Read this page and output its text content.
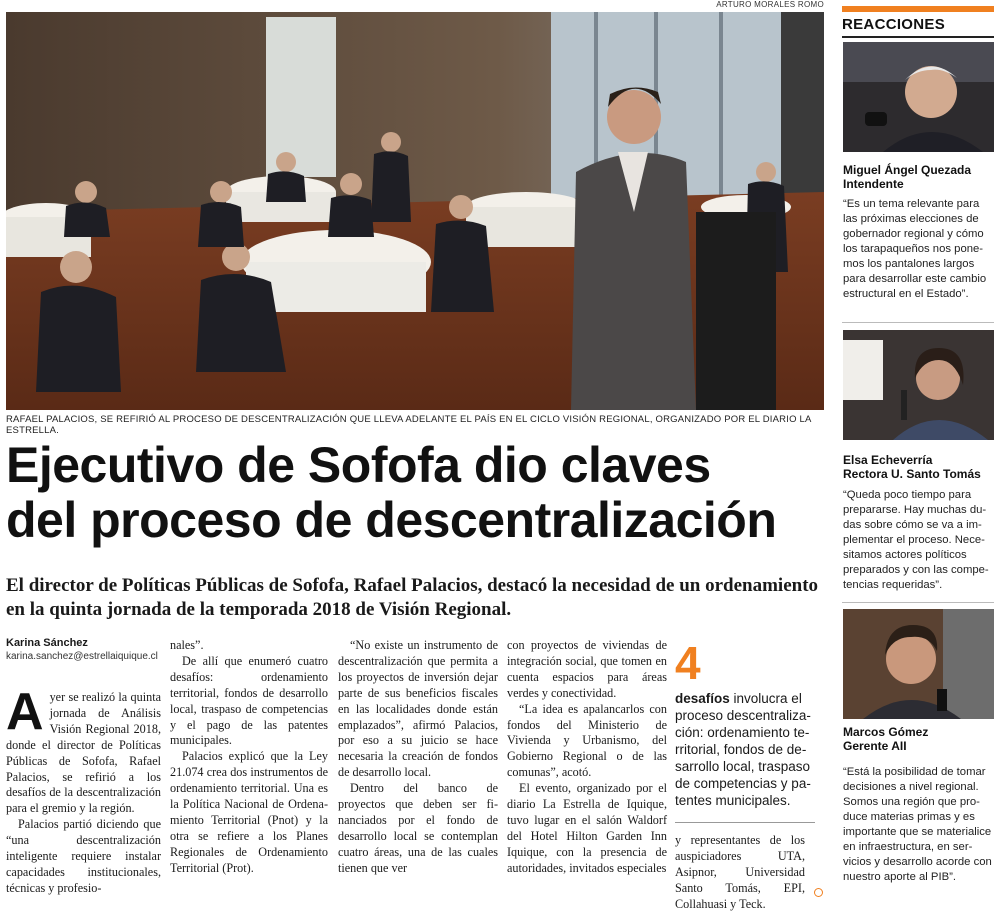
ARTURO MORALES ROMO
RAFAEL PALACIOS, SE REFIRIÓ AL PROCESO DE DESCENTRALIZACIÓN QUE LLEVA ADELANTE EL PAÍS EN EL CICLO VISIÓN REGIONAL, ORGANIZADO POR EL DIARIO LA ESTRELLA.
Ejecutivo de Sofofa dio claves
del proceso de descentralización
El director de Políticas Públicas de Sofofa, Rafael Palacios, destacó la necesidad de un ordenamiento en la quinta jornada de la temporada 2018 de Visión Regional.
Karina Sánchez
karina.sanchez@estrellaiquique.cl

Ayer se realizó la quinta jornada de Análisis Visión Regional 2018, donde el director de Políticas Públicas de Sofofa, Rafael Palacios, se refirió a los desafíos de la descentralización para el gremio y la región.

Palacios partió diciendo que “una descentralización inteligente requiere instalar capacidades institucionales, técnicas y profesio-

nales”.

De allí que enumeró cuatro desafíos: ordenamiento territorial, fondos de desarrollo local, traspaso de competencias y el pago de las patentes municipales.

Palacios explicó que la Ley 21.074 crea dos instrumentos de ordenamiento territorial. Una es la Política Nacional de Ordenamiento Territorial (Pnot) y la otra se refiere a los Planes Regionales de Ordenamiento Territorial (Prot).

“No existe un instrumento de descentralización que permita a los proyectos de inversión dejar parte de sus beneficios fiscales en las localidades donde están emplazados”, afirmó Palacios, por eso a su juicio se hace necesaria la creación de fondos de desarrollo local.

Dentro del banco de proyectos que deben ser financiados por el fondo de desarrollo local se contemplan cuatro áreas, una de las cuales tienen que ver

con proyectos de viviendas de integración social, que tomen en cuenta espacios para áreas verdes y conectividad.

“La idea es apalancarlos con fondos del Ministerio de Vivienda y Urbanismo, del Gobierno Regional o de las comunas”, acotó.

El evento, organizado por el diario La Estrella de Iquique, tuvo lugar en el salón Waldorf del Hotel Hilton Garden Inn Iquique, con la presencia de autoridades, invitados especiales

4
desafíos involucra el proceso descentralización: ordenamiento territorial, fondos de desarrollo local, traspaso de competencias y patentes municipales.

y representantes de los auspiciadores UTA, Asipnor, Universidad Santo Tomás, EPI, Collahuasi y Teck.

REACCIONES
Miguel Ángel Quezada
Intendente
“Es un tema relevante para las próximas elecciones de gobernador regional y cómo los tarapaqueños nos ponemos los pantalones largos para desarrollar este cambio estructural en el Estado”.
Elsa Echeverría
Rectora U. Santo Tomás
“Queda poco tiempo para prepararse. Hay muchas dudas sobre cómo se va a implementar el proceso. Necesitamos actores políticos preparados y con las competencias requeridas”.
Marcos Gómez
Gerente AII
“Está la posibilidad de tomar decisiones a nivel regional. Somos una región que produce materias primas y es importante que se materialice en infraestructura, en servicios y desarrollo acorde con nuestro aporte al PIB”.
